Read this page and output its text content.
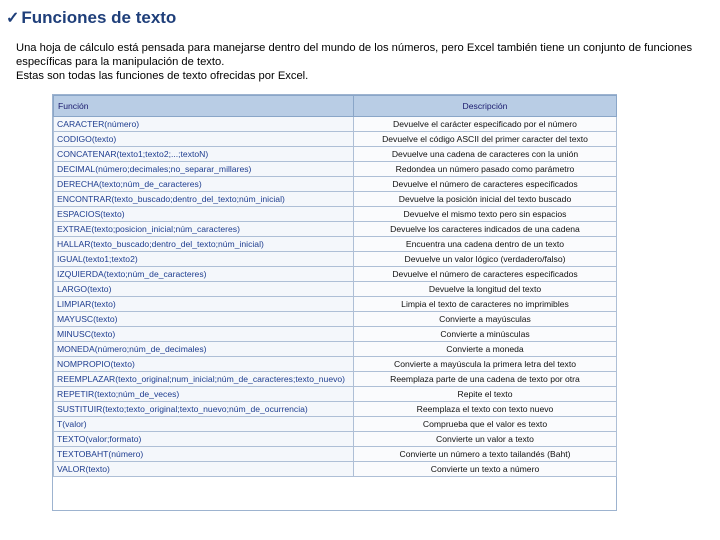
✓ Funciones de texto

Una hoja de cálculo está pensada para manejarse dentro del mundo de los números, pero Excel también tiene un conjunto de funciones específicas para la manipulación de texto.

Estas son todas las funciones de texto ofrecidas por Excel.

Función	Descripción
CARACTER(número)	Devuelve el carácter especificado por el número
CODIGO(texto)	Devuelve el código ASCII del primer caracter del texto
CONCATENAR(texto1;texto2;...;textoN)	Devuelve una cadena de caracteres con la unión
DECIMAL(número;decimales;no_separar_millares)	Redondea un número pasado como parámetro
DERECHA(texto;núm_de_caracteres)	Devuelve el número de caracteres especificados
ENCONTRAR(texto_buscado;dentro_del_texto;núm_inicial)	Devuelve la posición inicial del texto buscado
ESPACIOS(texto)	Devuelve el mismo texto pero sin espacios
EXTRAE(texto;posicion_inicial;núm_caracteres)	Devuelve los caracteres indicados de una cadena
HALLAR(texto_buscado;dentro_del_texto;núm_inicial)	Encuentra una cadena dentro de un texto
IGUAL(texto1;texto2)	Devuelve un valor lógico (verdadero/falso)
IZQUIERDA(texto;núm_de_caracteres)	Devuelve el número de caracteres especificados
LARGO(texto)	Devuelve la longitud del texto
LIMPIAR(texto)	Limpia el texto de caracteres no imprimibles
MAYUSC(texto)	Convierte a mayúsculas
MINUSC(texto)	Convierte a minúsculas
MONEDA(número;núm_de_decimales)	Convierte a moneda
NOMPROPIO(texto)	Convierte a mayúscula la primera letra del texto
REEMPLAZAR(texto_original;num_inicial;núm_de_caracteres;texto_nuevo)	Reemplaza parte de una cadena de texto por otra
REPETIR(texto;núm_de_veces)	Repite el texto
SUSTITUIR(texto;texto_original;texto_nuevo;núm_de_ocurrencia)	Reemplaza el texto con texto nuevo
T(valor)	Comprueba que el valor es texto
TEXTO(valor;formato)	Convierte un valor a texto
TEXTOBAHT(número)	Convierte un número a texto tailandés (Baht)
VALOR(texto)	Convierte un texto a número
